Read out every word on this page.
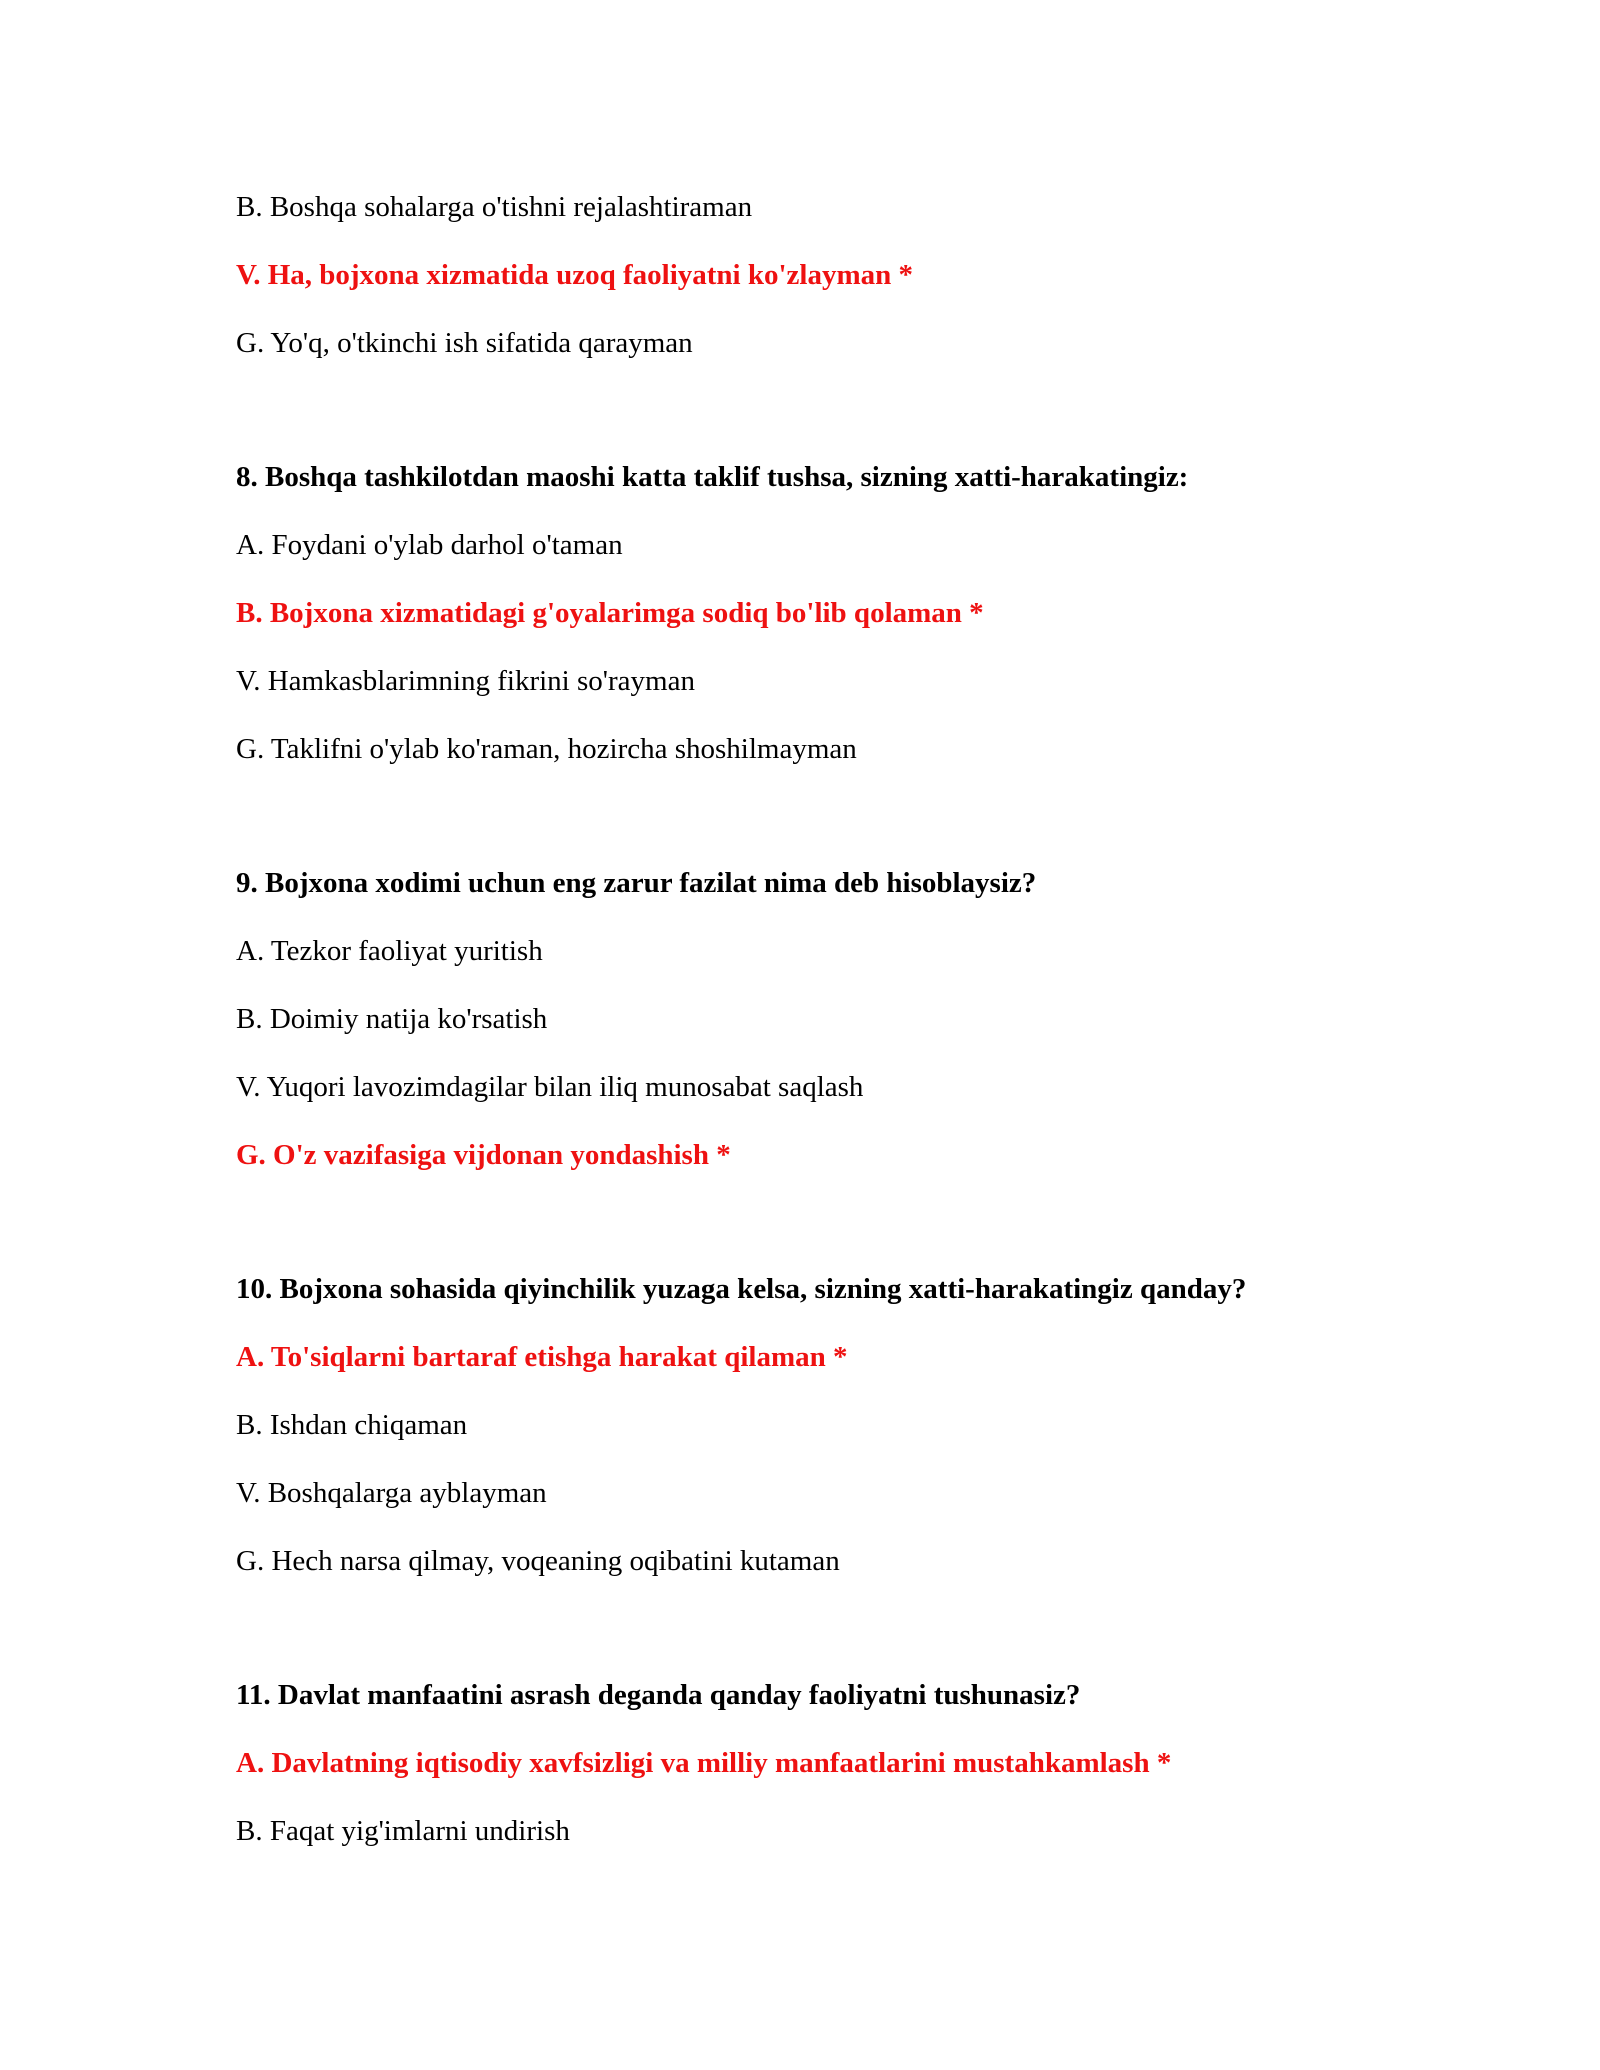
B. Boshqa sohalarga o'tishni rejalashtiraman
V. Ha, bojxona xizmatida uzoq faoliyatni ko'zlayman *
G. Yo'q, o'tkinchi ish sifatida qarayman
8. Boshqa tashkilotdan maoshi katta taklif tushsa, sizning xatti-harakatingiz:
A. Foydani o'ylab darhol o'taman
B. Bojxona xizmatidagi g'oyalarimga sodiq bo'lib qolaman *
V. Hamkasblarimning fikrini so'rayman
G. Taklifni o'ylab ko'raman, hozircha shoshilmayman
9. Bojxona xodimi uchun eng zarur fazilat nima deb hisoblaysiz?
A. Tezkor faoliyat yuritish
B. Doimiy natija ko'rsatish
V. Yuqori lavozimdagilar bilan iliq munosabat saqlash
G. O'z vazifasiga vijdonan yondashish *
10. Bojxona sohasida qiyinchilik yuzaga kelsa, sizning xatti-harakatingiz qanday?
A. To'siqlarni bartaraf etishga harakat qilaman *
B. Ishdan chiqaman
V. Boshqalarga ayblayman
G. Hech narsa qilmay, voqeaning oqibatini kutaman
11. Davlat manfaatini asrash deganda qanday faoliyatni tushunasiz?
A. Davlatning iqtisodiy xavfsizligi va milliy manfaatlarini mustahkamlash *
B. Faqat yig'imlarni undirish
